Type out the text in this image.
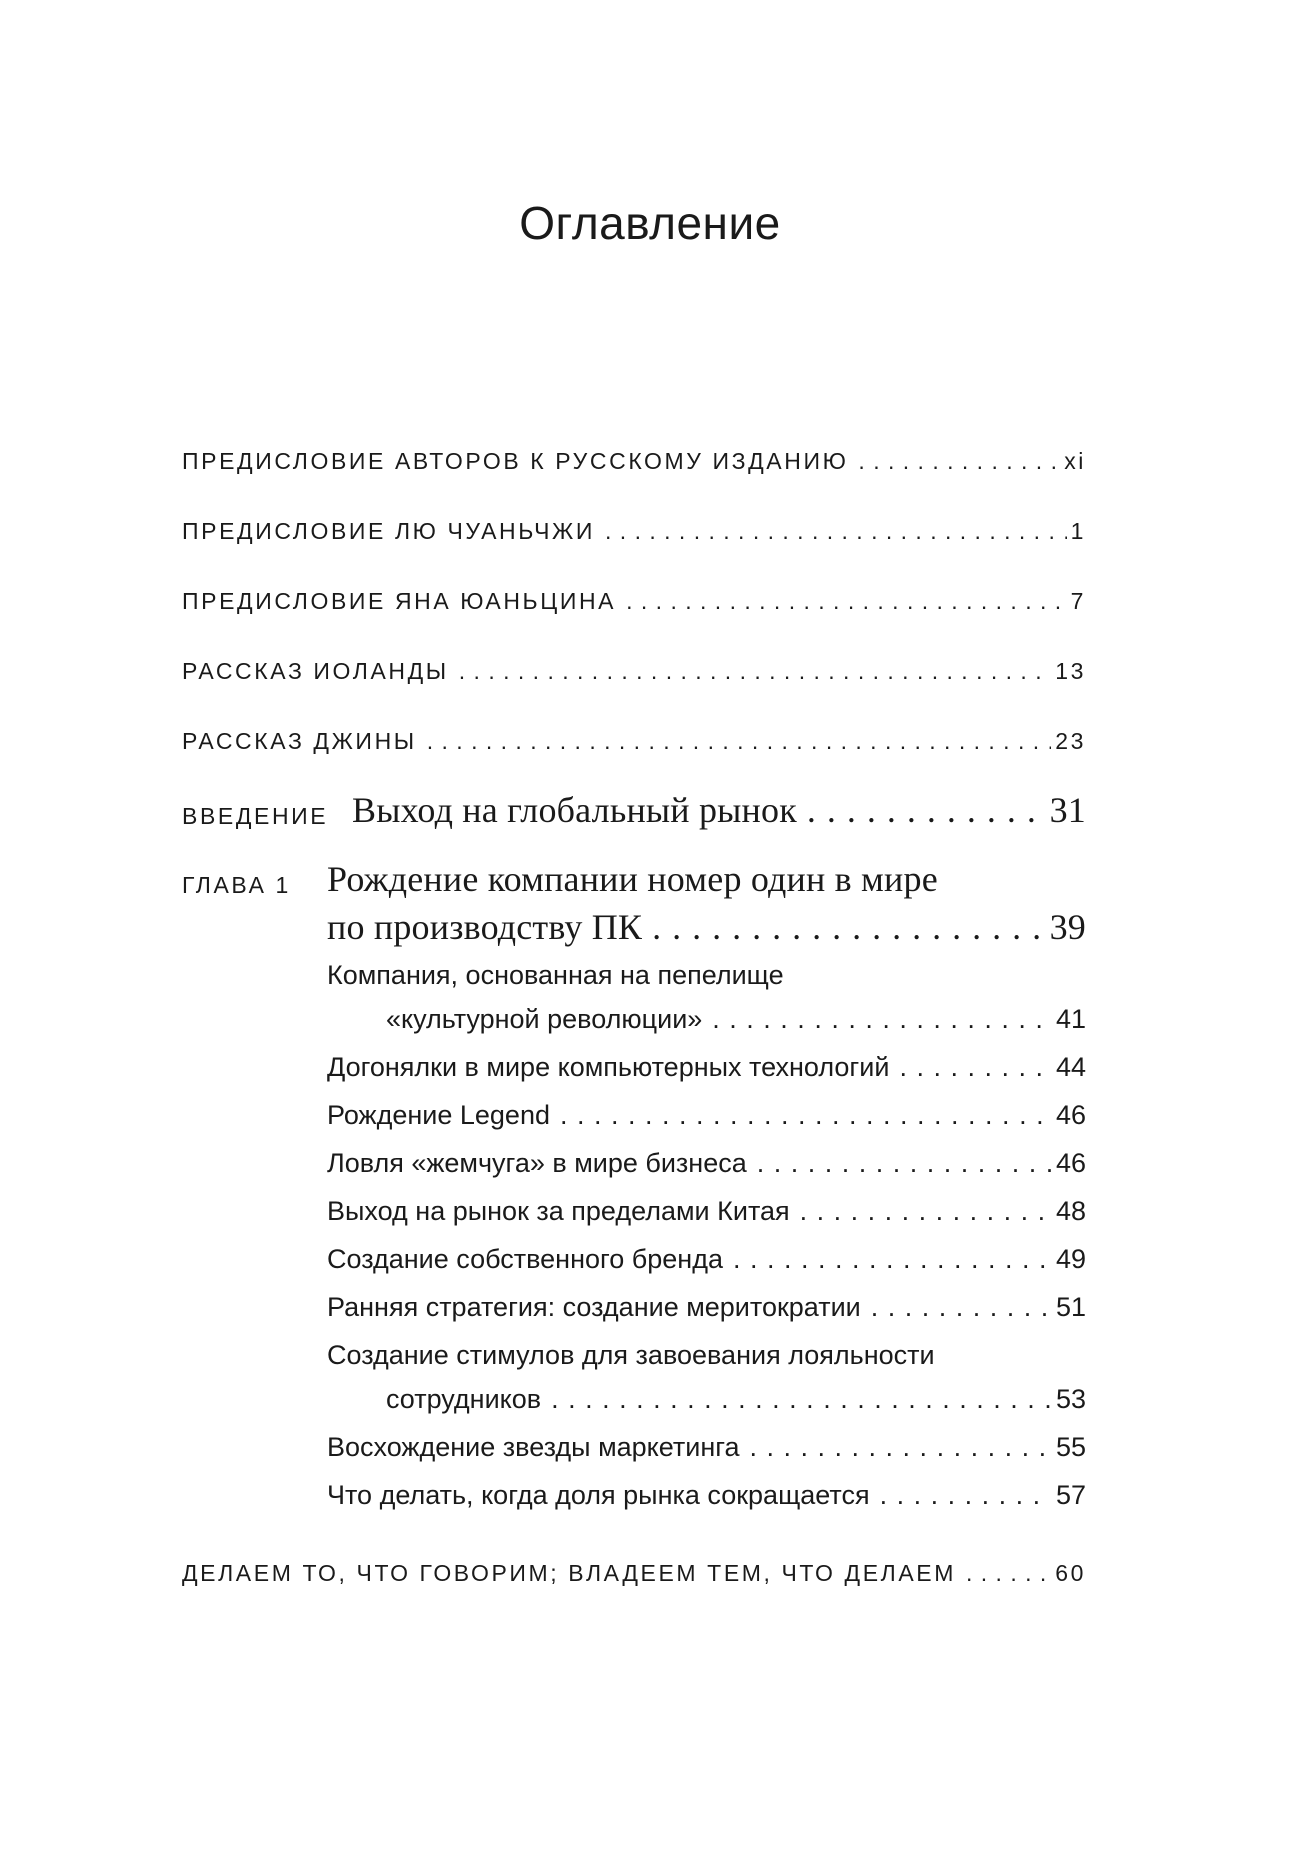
Оглавление
ПРЕДИСЛОВИЕ АВТОРОВ К РУССКОМУ ИЗДАНИЮ . . .	xi
ПРЕДИСЛОВИЕ ЛЮ ЧУАНЬЧЖИ . . .	1
ПРЕДИСЛОВИЕ ЯНА ЮАНЬЦИНА . . .	7
РАССКАЗ ИОЛАНДЫ . . .	13
РАССКАЗ ДЖИНЫ . . .	23
ВВЕДЕНИЕ Выход на глобальный рынок . . .	31
ГЛАВА 1 Рождение компании номер один в мире
по производству ПК . . .	39
Компания, основанная на пепелище
«культурной революции» . . .	41
Догонялки в мире компьютерных технологий . . .	44
Рождение Legend . . .	46
Ловля «жемчуга» в мире бизнеса . . .	46
Выход на рынок за пределами Китая . . .	48
Создание собственного бренда . . .	49
Ранняя стратегия: создание меритократии . . .	51
Создание стимулов для завоевания лояльности
сотрудников . . .	53
Восхождение звезды маркетинга . . .	55
Что делать, когда доля рынка сокращается . . .	57
ДЕЛАЕМ ТО, ЧТО ГОВОРИМ; ВЛАДЕЕМ ТЕМ, ЧТО ДЕЛАЕМ . . .	60
